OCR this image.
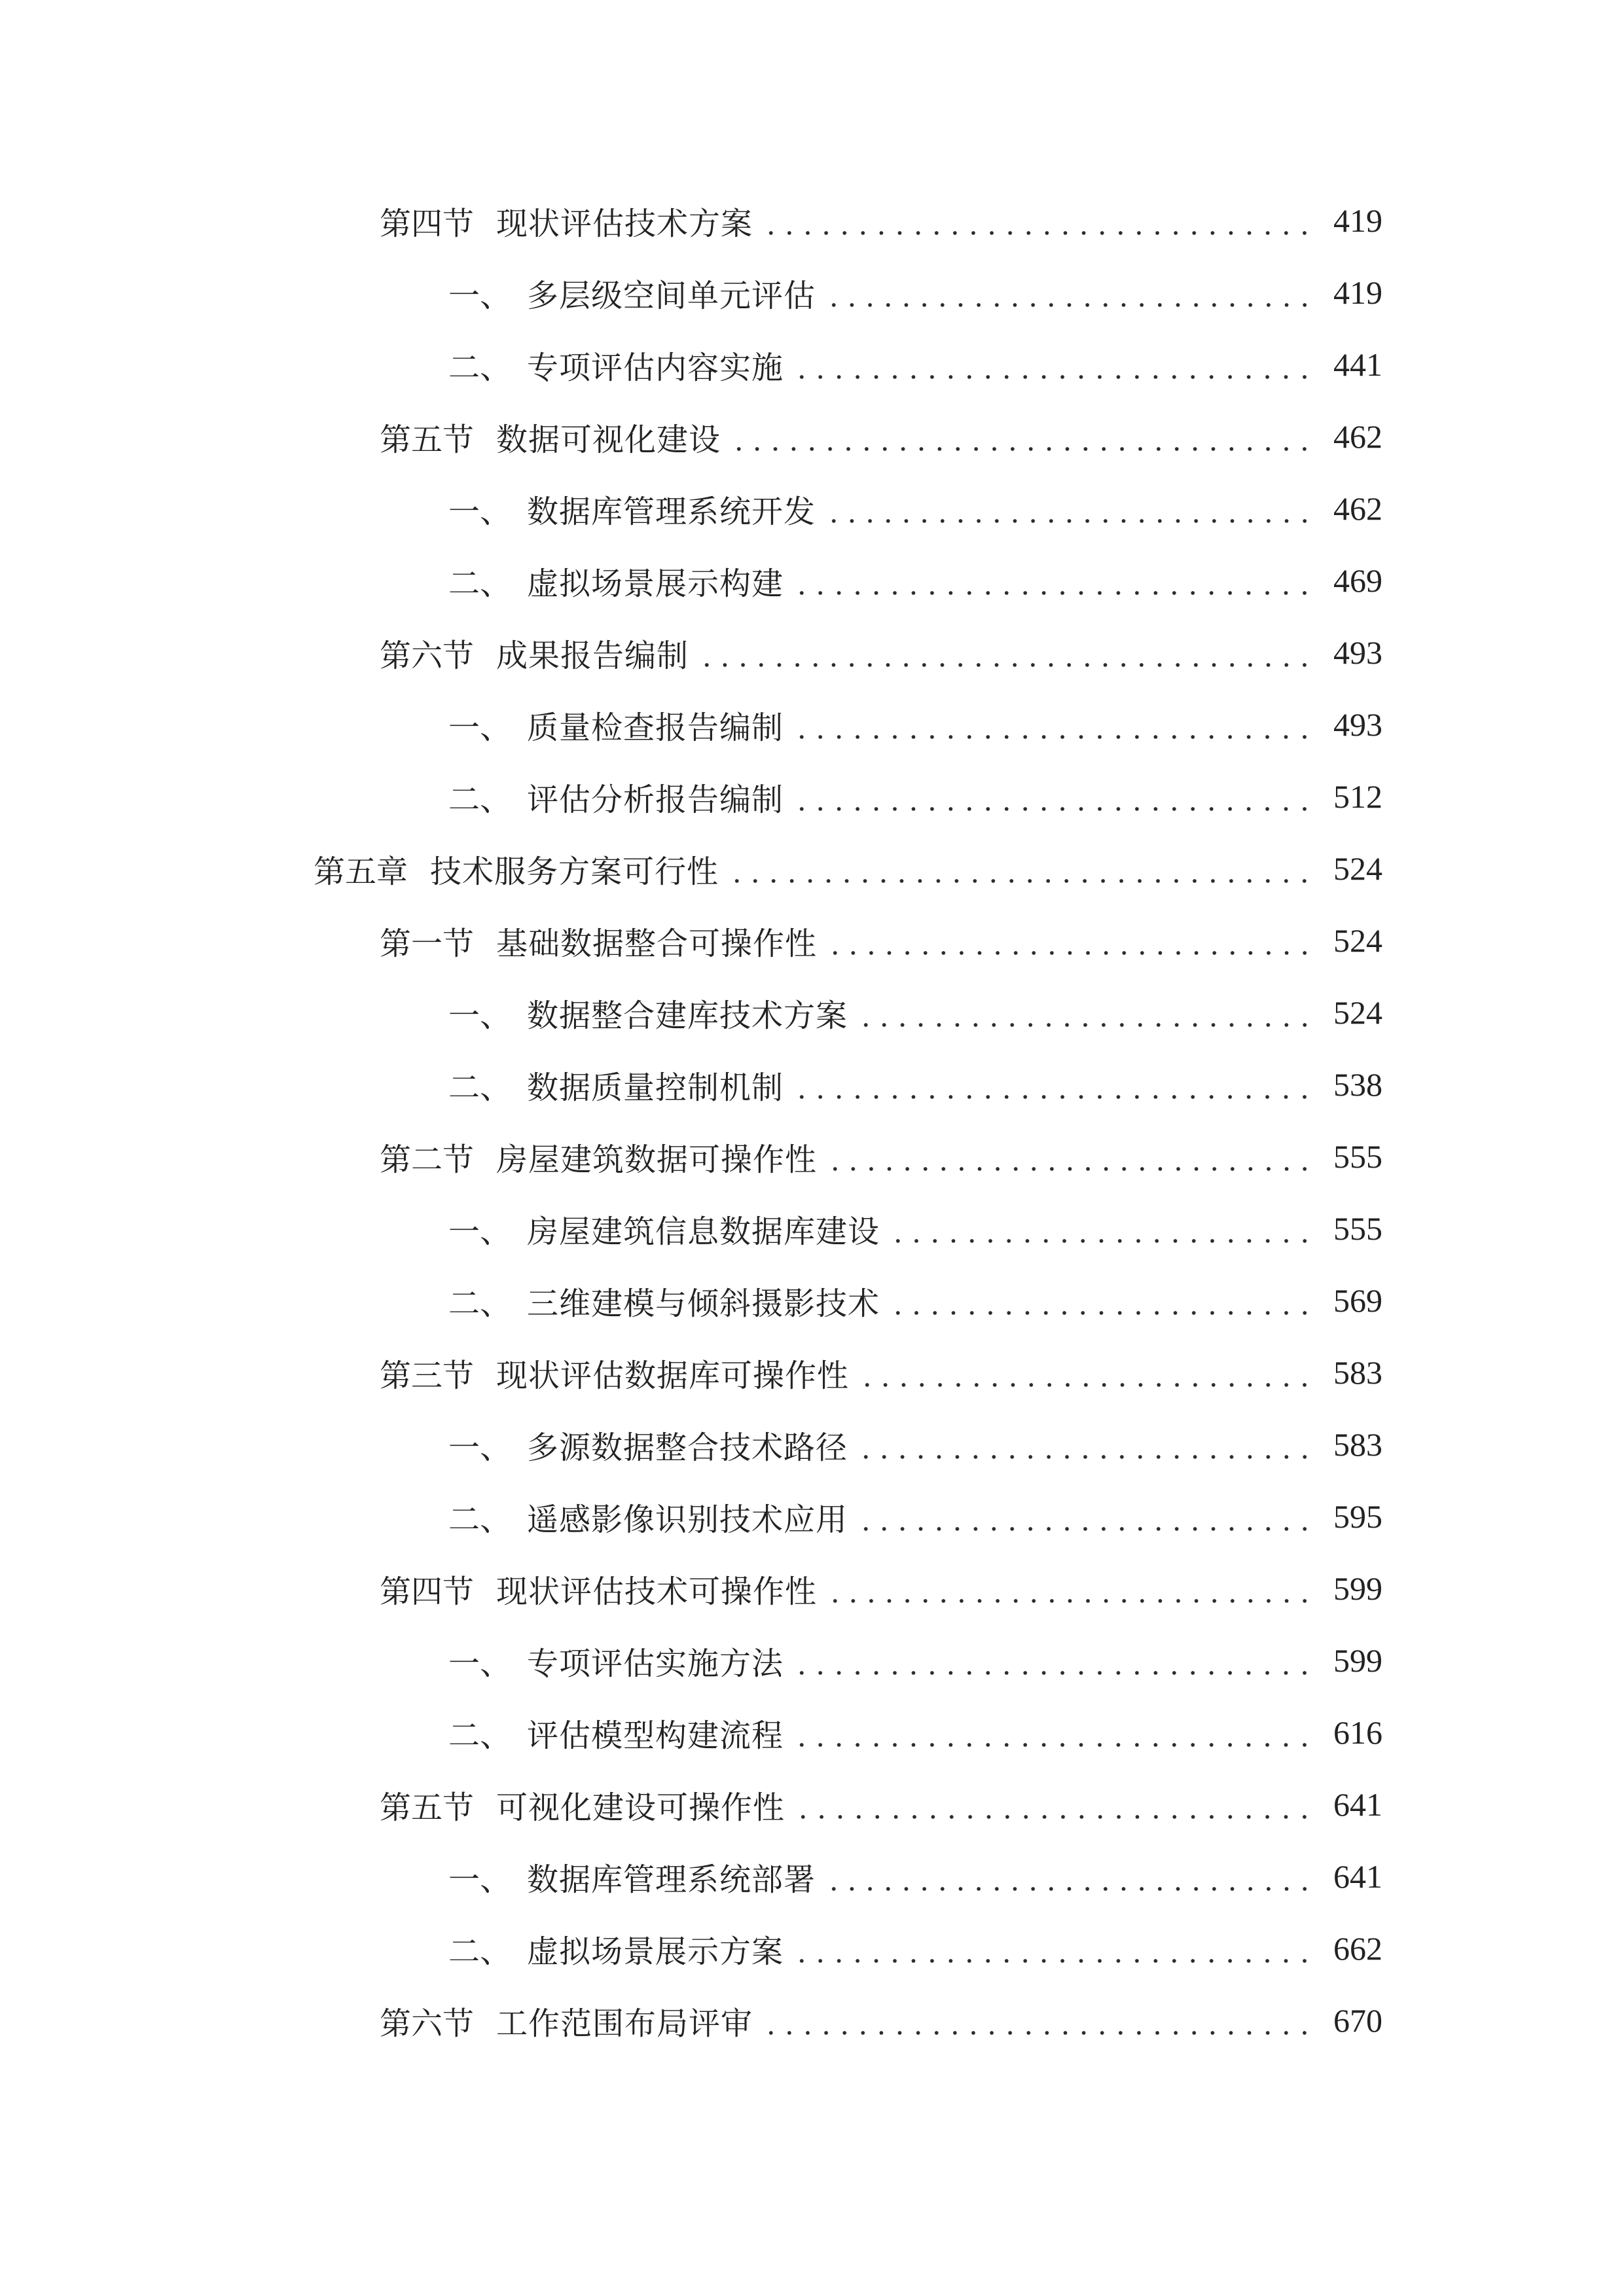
第四节 现状评估技术方案	419
一、 多层级空间单元评估	419
二、 专项评估内容实施	441
第五节 数据可视化建设	462
一、 数据库管理系统开发	462
二、 虚拟场景展示构建	469
第六节 成果报告编制	493
一、 质量检查报告编制	493
二、 评估分析报告编制	512
第五章 技术服务方案可行性	524
第一节 基础数据整合可操作性	524
一、 数据整合建库技术方案	524
二、 数据质量控制机制	538
第二节 房屋建筑数据可操作性	555
一、 房屋建筑信息数据库建设	555
二、 三维建模与倾斜摄影技术	569
第三节 现状评估数据库可操作性	583
一、 多源数据整合技术路径	583
二、 遥感影像识别技术应用	595
第四节 现状评估技术可操作性	599
一、 专项评估实施方法	599
二、 评估模型构建流程	616
第五节 可视化建设可操作性	641
一、 数据库管理系统部署	641
二、 虚拟场景展示方案	662
第六节 工作范围布局评审	670
